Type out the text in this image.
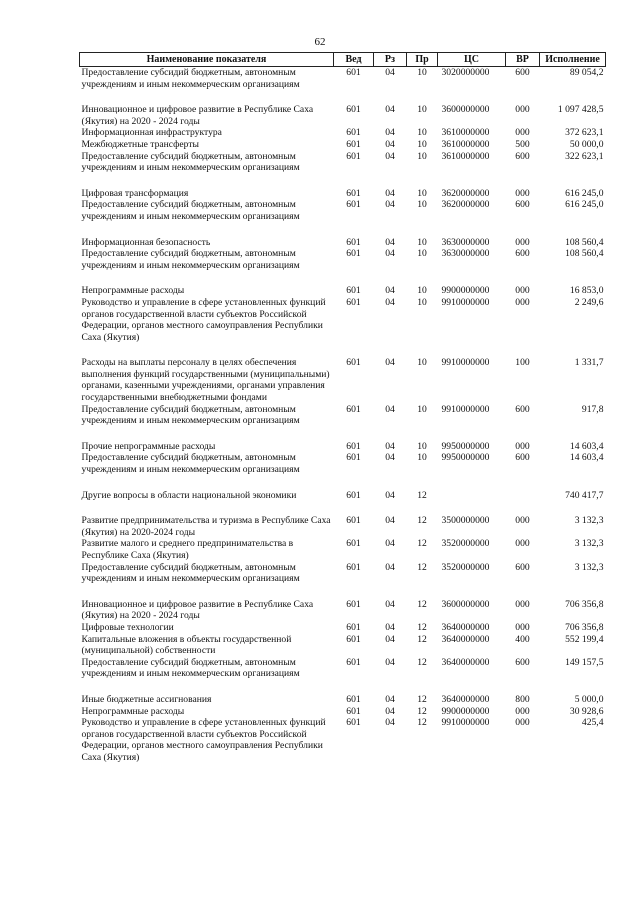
62
Наименование показателя	Вед	Рз	Пр	ЦС	ВР	Исполнение
Предоставление субсидий бюджетным, автономным учреждениям и иным некоммерческим организациям	601	04	10	3020000000	600	89 054,2

Инновационное и цифровое развитие в Республике Саха (Якутия) на 2020 - 2024 годы	601	04	10	3600000000	000	1 097 428,5
Информационная инфраструктура	601	04	10	3610000000	000	372 623,1
Межбюджетные трансферты	601	04	10	3610000000	500	50 000,0
Предоставление субсидий бюджетным, автономным учреждениям и иным некоммерческим организациям	601	04	10	3610000000	600	322 623,1

Цифровая трансформация	601	04	10	3620000000	000	616 245,0
Предоставление субсидий бюджетным, автономным учреждениям и иным некоммерческим организациям	601	04	10	3620000000	600	616 245,0

Информационная безопасность	601	04	10	3630000000	000	108 560,4
Предоставление субсидий бюджетным, автономным учреждениям и иным некоммерческим организациям	601	04	10	3630000000	600	108 560,4

Непрограммные расходы	601	04	10	9900000000	000	16 853,0
Руководство и управление в сфере установленных функций органов государственной власти субъектов Российской Федерации, органов местного самоуправления Республики Саха (Якутия)	601	04	10	9910000000	000	2 249,6

Расходы на выплаты персоналу в целях обеспечения выполнения функций государственными (муниципальными) органами, казенными учреждениями, органами управления государственными внебюджетными фондами	601	04	10	9910000000	100	1 331,7
Предоставление субсидий бюджетным, автономным учреждениям и иным некоммерческим организациям	601	04	10	9910000000	600	917,8

Прочие непрограммные расходы	601	04	10	9950000000	000	14 603,4
Предоставление субсидий бюджетным, автономным учреждениям и иным некоммерческим организациям	601	04	10	9950000000	600	14 603,4

Другие вопросы в области национальной экономики	601	04	12			740 417,7

Развитие предпринимательства и туризма в Республике Саха (Якутия) на 2020-2024 годы	601	04	12	3500000000	000	3 132,3
Развитие малого и среднего предпринимательства в Республике Саха (Якутия)	601	04	12	3520000000	000	3 132,3
Предоставление субсидий бюджетным, автономным учреждениям и иным некоммерческим организациям	601	04	12	3520000000	600	3 132,3

Инновационное и цифровое развитие в Республике Саха (Якутия) на 2020 - 2024 годы	601	04	12	3600000000	000	706 356,8
Цифровые технологии	601	04	12	3640000000	000	706 356,8
Капитальные вложения в объекты государственной (муниципальной) собственности	601	04	12	3640000000	400	552 199,4
Предоставление субсидий бюджетным, автономным учреждениям и иным некоммерческим организациям	601	04	12	3640000000	600	149 157,5

Иные бюджетные ассигнования	601	04	12	3640000000	800	5 000,0
Непрограммные расходы	601	04	12	9900000000	000	30 928,6
Руководство и управление в сфере установленных функций органов государственной власти субъектов Российской Федерации, органов местного самоуправления Республики Саха (Якутия)	601	04	12	9910000000	000	425,4
